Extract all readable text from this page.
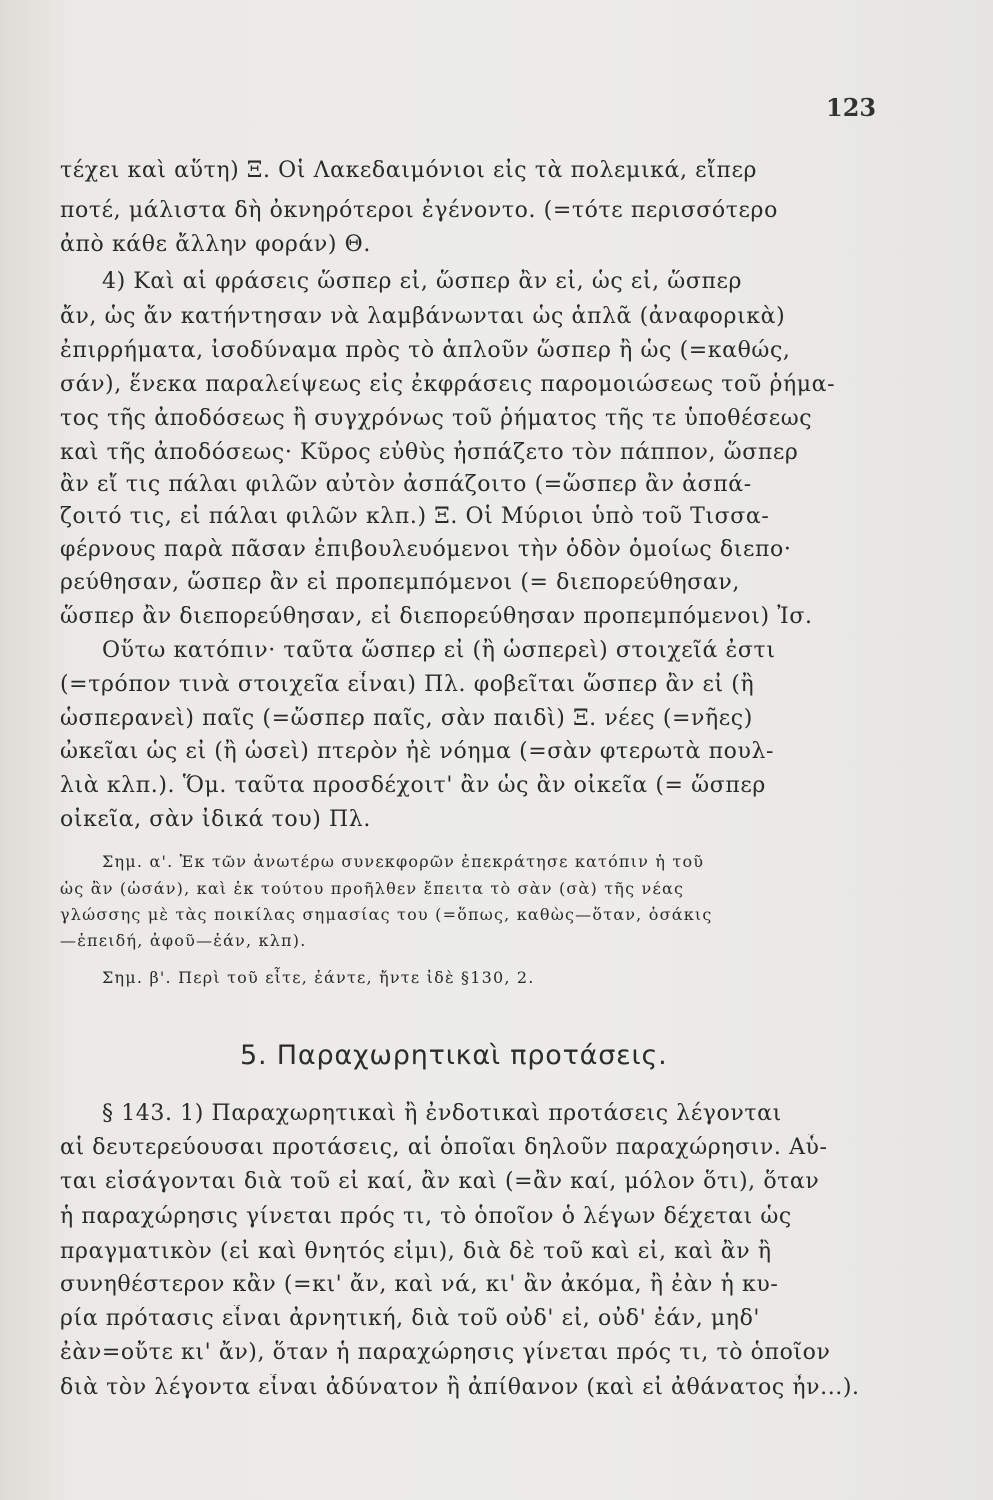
123
τέχει καὶ αὕτη) Ξ. Οἱ Λακεδαιμόνιοι εἰς τὰ πολεμικά, εἴπερ
ποτέ, μάλιστα δὴ ὀκνηρότεροι ἐγένοντο. (=τότε περισσότερο
ἀπὸ κάθε ἄλλην φοράν) Θ.
4) Καὶ αἱ φράσεις ὥσπερ εἰ, ὥσπερ ἂν εἰ, ὡς εἰ, ὥσπερ
ἄν, ὡς ἄν κατήντησαν νὰ λαμβάνωνται ὡς ἁπλᾶ (ἀναφορικὰ)
ἐπιρρήματα, ἰσοδύναμα πρὸς τὸ ἁπλοῦν ὥσπερ ἢ ὡς (=καθώς,
σάν), ἕνεκα παραλείψεως εἰς ἐκφράσεις παρομοιώσεως τοῦ ῥήμα-
τος τῆς ἀποδόσεως ἢ συγχρόνως τοῦ ῥήματος τῆς τε ὑποθέσεως
καὶ τῆς ἀποδόσεως· Κῦρος εὐθὺς ἠσπάζετο τὸν πάππον, ὥσπερ
ἂν εἴ τις πάλαι φιλῶν αὐτὸν ἀσπάζοιτο (=ὥσπερ ἂν ἀσπά-
ζοιτό τις, εἰ πάλαι φιλῶν κλπ.) Ξ. Οἱ Μύριοι ὑπὸ τοῦ Τισσα-
φέρνους παρὰ πᾶσαν ἐπιβουλευόμενοι τὴν ὁδὸν ὁμοίως διεπο·
ρεύθησαν, ὥσπερ ἂν εἰ προπεμπόμενοι (= διεπορεύθησαν,
ὥσπερ ἂν διεπορεύθησαν, εἰ διεπορεύθησαν προπεμπόμενοι) Ἰσ.
Οὕτω κατόπιν· ταῦτα ὥσπερ εἰ (ἢ ὡσπερεὶ) στοιχεῖά ἐστι
(=τρόπον τινὰ στοιχεῖα εἶναι) Πλ. φοβεῖται ὥσπερ ἂν εἰ (ἢ
ὡσπερανεὶ) παῖς (=ὥσπερ παῖς, σὰν παιδὶ) Ξ. νέες (=νῆες)
ὠκεῖαι ὡς εἰ (ἢ ὡσεὶ) πτερὸν ἠὲ νόημα (=σὰν φτερωτὰ πουλ-
λιὰ κλπ.). Ὅμ. ταῦτα προσδέχοιτ' ἂν ὡς ἂν οἰκεῖα (= ὥσπερ
οἰκεῖα, σὰν ἰδικά του) Πλ.
Σημ. α'. Ἐκ τῶν ἀνωτέρω συνεκφορῶν ἐπεκράτησε κατόπιν ἡ τοῦ
ὡς ἂν (ὡσάν), καὶ ἐκ τούτου προῆλθεν ἔπειτα τὸ σὰν (σὰ) τῆς νέας
γλώσσης μὲ τὰς ποικίλας σημασίας του (=ὅπως, καθὼς—ὅταν, ὁσάκις
—ἐπειδή, ἀφοῦ—ἐάν, κλπ).
Σημ. β'. Περὶ τοῦ εἶτε, ἐάντε, ἤντε ἰδὲ §130, 2.
5. Παραχωρητικαὶ προτάσεις.
§ 143. 1) Παραχωρητικαὶ ἢ ἐνδοτικαὶ προτάσεις λέγονται
αἱ δευτερεύουσαι προτάσεις, αἱ ὁποῖαι δηλοῦν παραχώρησιν. Αὗ-
ται εἰσάγονται διὰ τοῦ εἰ καί, ἂν καὶ (=ἂν καί, μόλον ὅτι), ὅταν
ἡ παραχώρησις γίνεται πρός τι, τὸ ὁποῖον ὁ λέγων δέχεται ὡς
πραγματικὸν (εἰ καὶ θνητός εἰμι), διὰ δὲ τοῦ καὶ εἰ, καὶ ἂν ἢ
συνηθέστερον κἂν (=κι' ἄν, καὶ νά, κι' ἂν ἀκόμα, ἢ ἐὰν ἡ κυ-
ρία πρότασις εἶναι ἀρνητική, διὰ τοῦ οὐδ' εἰ, οὐδ' ἐάν, μηδ'
ἐὰν=οὔτε κι' ἄν), ὅταν ἡ παραχώρησις γίνεται πρός τι, τὸ ὁποῖον
διὰ τὸν λέγοντα εἶναι ἀδύνατον ἢ ἀπίθανον (καὶ εἰ ἀθάνατος ἦν...).
